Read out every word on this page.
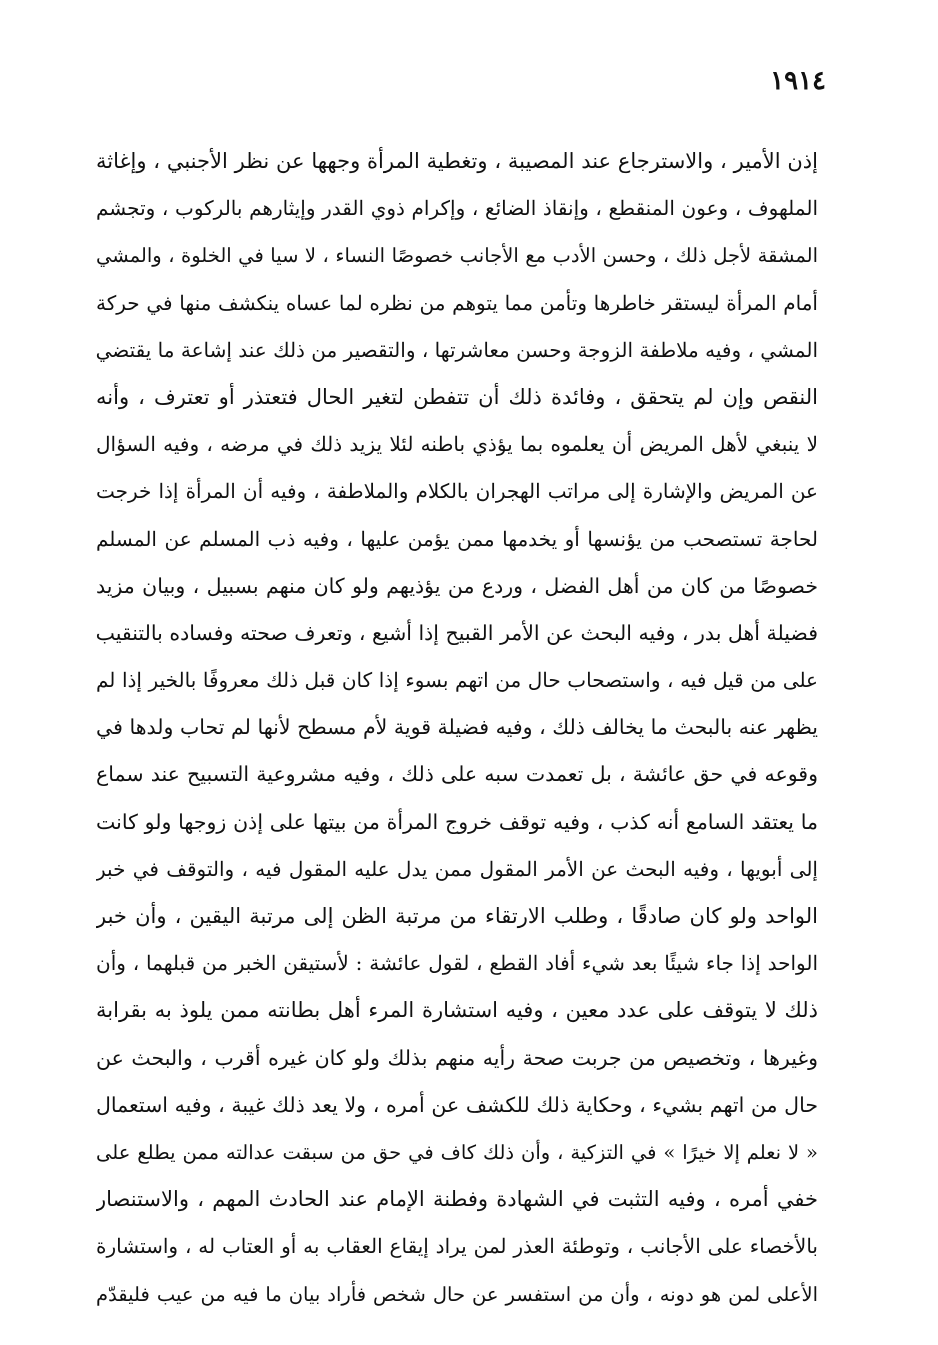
١٩١٤
إذن الأمير ، والاسترجاع عند المصيبة ، وتغطية المرأة وجهها عن نظر الأجنبي ، وإغاثة
الملهوف ، وعون المنقطع ، وإنقاذ الضائع ، وإكرام ذوي القدر وإيثارهم بالركوب ، وتجشم
المشقة لأجل ذلك ، وحسن الأدب مع الأجانب خصوصًا النساء ، لا سيا في الخلوة ، والمشي
أمام المرأة ليستقر خاطرها وتأمن مما يتوهم من نظره لما عساه ينكشف منها في حركة
المشي ، وفيه ملاطفة الزوجة وحسن معاشرتها ، والتقصير من ذلك عند إشاعة ما يقتضي
النقص وإن لم يتحقق ، وفائدة ذلك أن تتفطن لتغير الحال فتعتذر أو تعترف ، وأنه
لا ينبغي لأهل المريض أن يعلموه بما يؤذي باطنه لئلا يزيد ذلك في مرضه ، وفيه السؤال
عن المريض والإشارة إلى مراتب الهجران بالكلام والملاطفة ، وفيه أن المرأة إذا خرجت
لحاجة تستصحب من يؤنسها أو يخدمها ممن يؤمن عليها ، وفيه ذب المسلم عن المسلم
خصوصًا من كان من أهل الفضل ، وردع من يؤذيهم ولو كان منهم بسبيل ، وبيان مزيد
فضيلة أهل بدر ، وفيه البحث عن الأمر القبيح إذا أشيع ، وتعرف صحته وفساده بالتنقيب
على من قيل فيه ، واستصحاب حال من اتهم بسوء إذا كان قبل ذلك معروفًا بالخير إذا لم
يظهر عنه بالبحث ما يخالف ذلك ، وفيه فضيلة قوية لأم مسطح لأنها لم تحاب ولدها في
وقوعه في حق عائشة ، بل تعمدت سبه على ذلك ، وفيه مشروعية التسبيح عند سماع
ما يعتقد السامع أنه كذب ، وفيه توقف خروج المرأة من بيتها على إذن زوجها ولو كانت
إلى أبويها ، وفيه البحث عن الأمر المقول ممن يدل عليه المقول فيه ، والتوقف في خبر
الواحد ولو كان صادقًا ، وطلب الارتقاء من مرتبة الظن إلى مرتبة اليقين ، وأن خبر
الواحد إذا جاء شيئًا بعد شيء أفاد القطع ، لقول عائشة : لأستيقن الخبر من قبلهما ، وأن
ذلك لا يتوقف على عدد معين ، وفيه استشارة المرء أهل بطانته ممن يلوذ به بقرابة
وغيرها ، وتخصيص من جربت صحة رأيه منهم بذلك ولو كان غيره أقرب ، والبحث عن
حال من اتهم بشيء ، وحكاية ذلك للكشف عن أمره ، ولا يعد ذلك غيبة ، وفيه استعمال
« لا نعلم إلا خيرًا » في التزكية ، وأن ذلك كاف في حق من سبقت عدالته ممن يطلع على
خفي أمره ، وفيه التثبت في الشهادة وفطنة الإمام عند الحادث المهم ، والاستنصار
بالأخصاء على الأجانب ، وتوطئة العذر لمن يراد إيقاع العقاب به أو العتاب له ، واستشارة
الأعلى لمن هو دونه ، وأن من استفسر عن حال شخص فأراد بيان ما فيه من عيب فليقدّم
